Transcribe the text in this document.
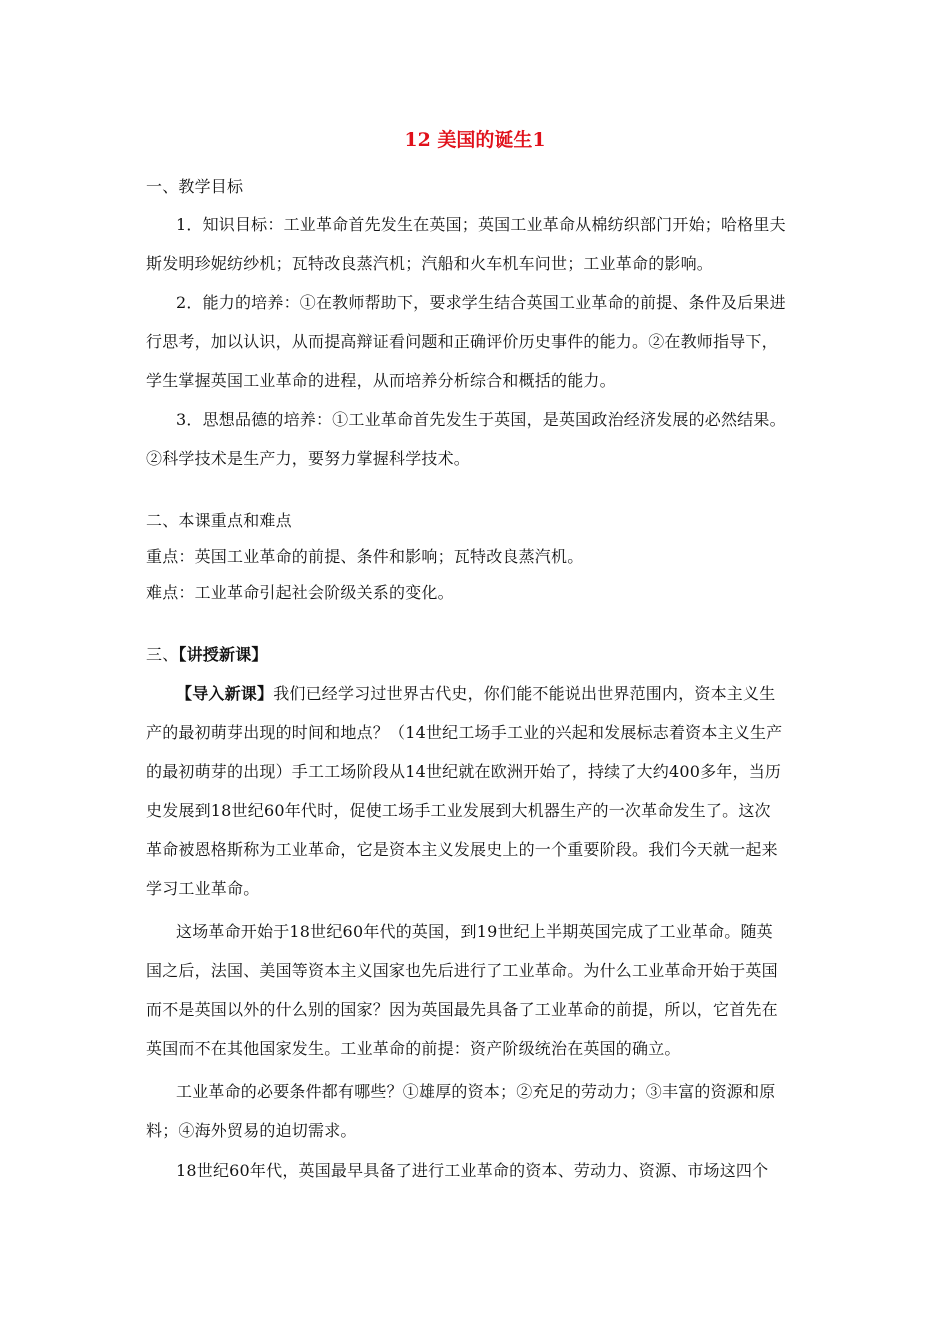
12 美国的诞生1
一、教学目标
1．知识目标：工业革命首先发生在英国；英国工业革命从棉纺织部门开始；哈格里夫
斯发明珍妮纺纱机；瓦特改良蒸汽机；汽船和火车机车问世；工业革命的影响。
2．能力的培养：①在教师帮助下，要求学生结合英国工业革命的前提、条件及后果进
行思考，加以认识，从而提高辩证看问题和正确评价历史事件的能力。②在教师指导下，
学生掌握英国工业革命的进程，从而培养分析综合和概括的能力。
3．思想品德的培养：①工业革命首先发生于英国，是英国政治经济发展的必然结果。
②科学技术是生产力，要努力掌握科学技术。
二、本课重点和难点
重点：英国工业革命的前提、条件和影响；瓦特改良蒸汽机。
难点：工业革命引起社会阶级关系的变化。
三、【讲授新课】
【导入新课】我们已经学习过世界古代史，你们能不能说出世界范围内，资本主义生
产的最初萌芽出现的时间和地点？（14世纪工场手工业的兴起和发展标志着资本主义生产
的最初萌芽的出现）手工工场阶段从14世纪就在欧洲开始了，持续了大约400多年，当历
史发展到18世纪60年代时，促使工场手工业发展到大机器生产的一次革命发生了。这次
革命被恩格斯称为工业革命，它是资本主义发展史上的一个重要阶段。我们今天就一起来
学习工业革命。
这场革命开始于18世纪60年代的英国，到19世纪上半期英国完成了工业革命。随英
国之后，法国、美国等资本主义国家也先后进行了工业革命。为什么工业革命开始于英国
而不是英国以外的什么别的国家？因为英国最先具备了工业革命的前提，所以，它首先在
英国而不在其他国家发生。工业革命的前提：资产阶级统治在英国的确立。
工业革命的必要条件都有哪些？①雄厚的资本；②充足的劳动力；③丰富的资源和原
料；④海外贸易的迫切需求。
18世纪60年代，英国最早具备了进行工业革命的资本、劳动力、资源、市场这四个
